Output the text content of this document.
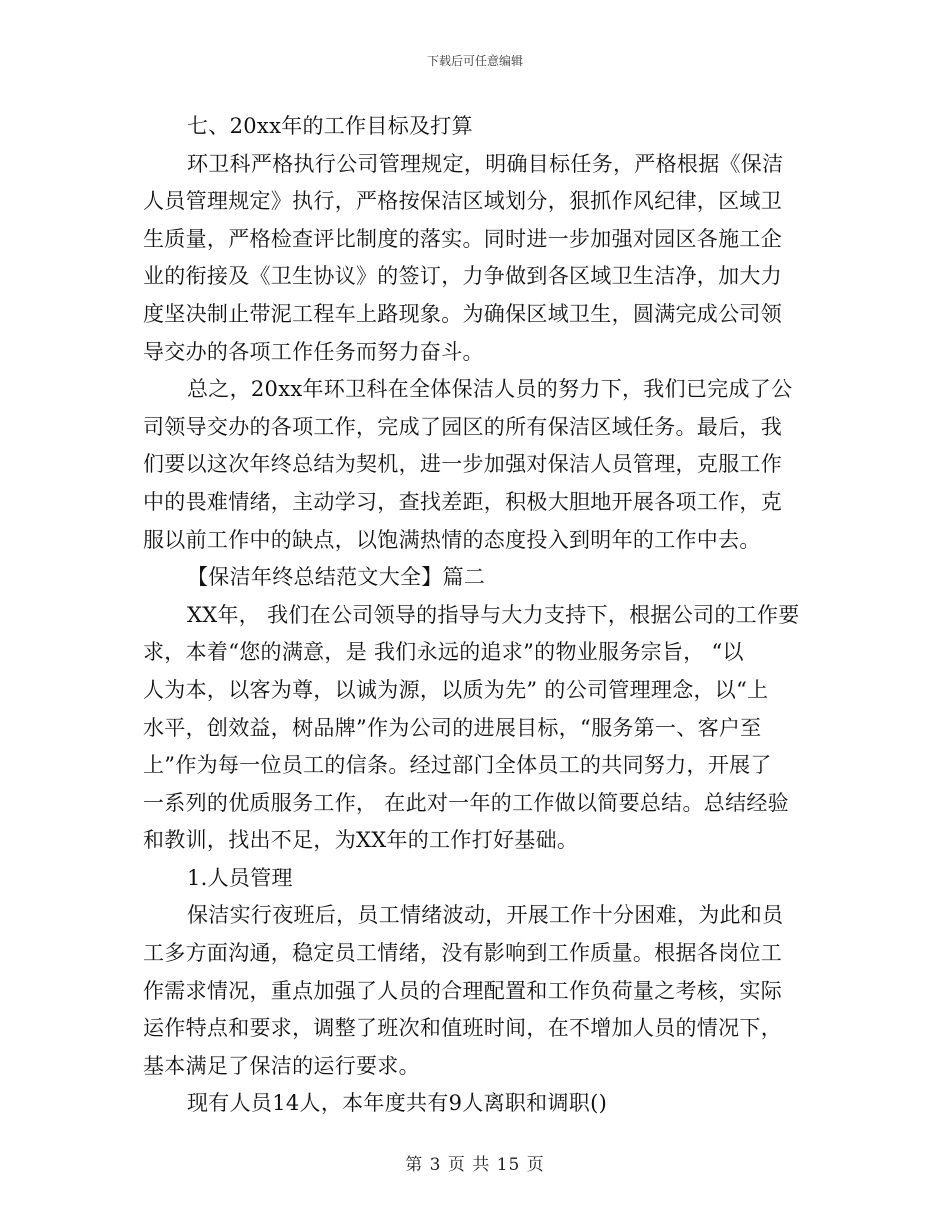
下载后可任意编辑
七、20xx年的工作目标及打算
环卫科严格执行公司管理规定，明确目标任务，严格根据《保洁
人员管理规定》执行，严格按保洁区域划分，狠抓作风纪律，区域卫
生质量，严格检查评比制度的落实。同时进一步加强对园区各施工企
业的衔接及《卫生协议》的签订，力争做到各区域卫生洁净，加大力
度坚决制止带泥工程车上路现象。为确保区域卫生，圆满完成公司领
导交办的各项工作任务而努力奋斗。
总之，20xx年环卫科在全体保洁人员的努力下，我们已完成了公
司领导交办的各项工作，完成了园区的所有保洁区域任务。最后，我
们要以这次年终总结为契机，进一步加强对保洁人员管理，克服工作
中的畏难情绪，主动学习，查找差距，积极大胆地开展各项工作，克
服以前工作中的缺点，以饱满热情的态度投入到明年的工作中去。
【保洁年终总结范文大全】篇二
XX年， 我们在公司领导的指导与大力支持下，根据公司的工作要
求，本着“您的满意，是 我们永远的追求”的物业服务宗旨， “以
人为本，以客为尊，以诚为源，以质为先” 的公司管理理念，以“上
水平，创效益，树品牌”作为公司的进展目标，“服务第一、客户至
上”作为每一位员工的信条。经过部门全体员工的共同努力，开展了
一系列的优质服务工作， 在此对一年的工作做以简要总结。总结经验
和教训，找出不足，为XX年的工作打好基础。
1.人员管理
保洁实行夜班后，员工情绪波动，开展工作十分困难，为此和员
工多方面沟通，稳定员工情绪，没有影响到工作质量。根据各岗位工
作需求情况，重点加强了人员的合理配置和工作负荷量之考核，实际
运作特点和要求，调整了班次和值班时间，在不增加人员的情况下，
基本满足了保洁的运行要求。
现有人员14人，本年度共有9人离职和调职()
第 3 页 共 15 页
